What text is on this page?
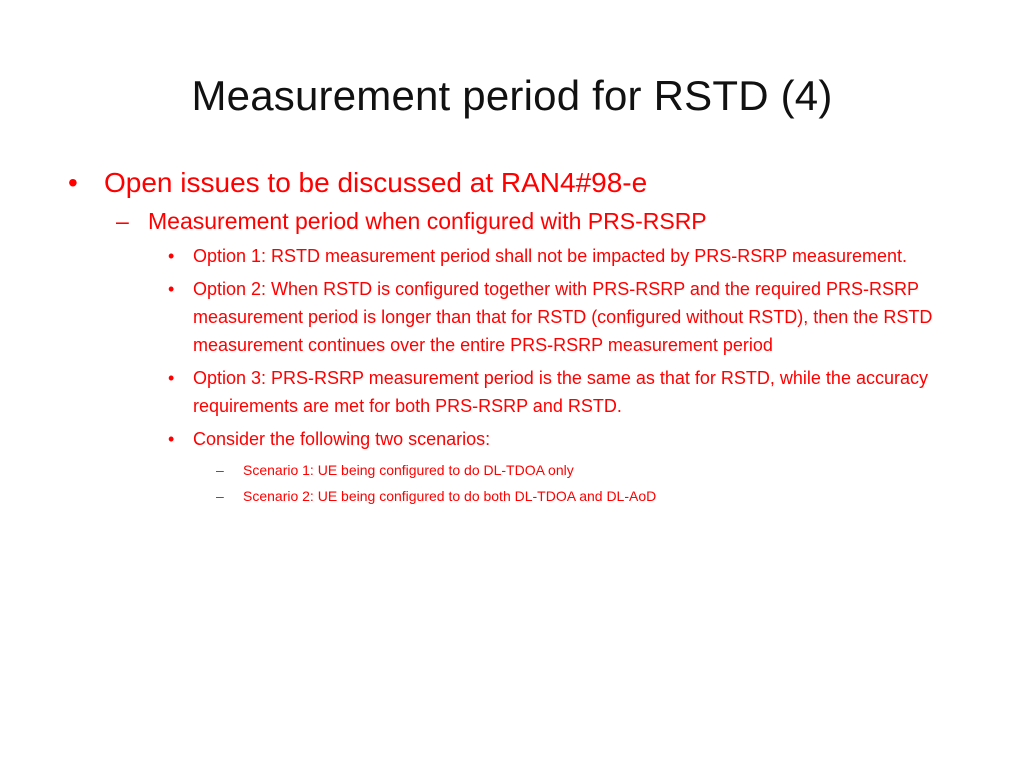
Measurement period for RSTD (4)
• Open issues to be discussed at RAN4#98-e
– Measurement period when configured with PRS-RSRP
•	Option 1: RSTD measurement period shall not be impacted by PRS-RSRP measurement.
•	Option 2: When RSTD is configured together with PRS-RSRP and the required PRS-RSRP measurement period is longer than that for RSTD (configured without RSTD), then the RSTD measurement continues over the entire PRS-RSRP measurement period
•	Option 3: PRS-RSRP measurement period is the same as that for RSTD, while the accuracy requirements are met for both PRS-RSRP and RSTD.
•	Consider the following two scenarios:
–	Scenario 1: UE being configured to do DL-TDOA only
–	Scenario 2: UE being configured to do both DL-TDOA and DL-AoD
